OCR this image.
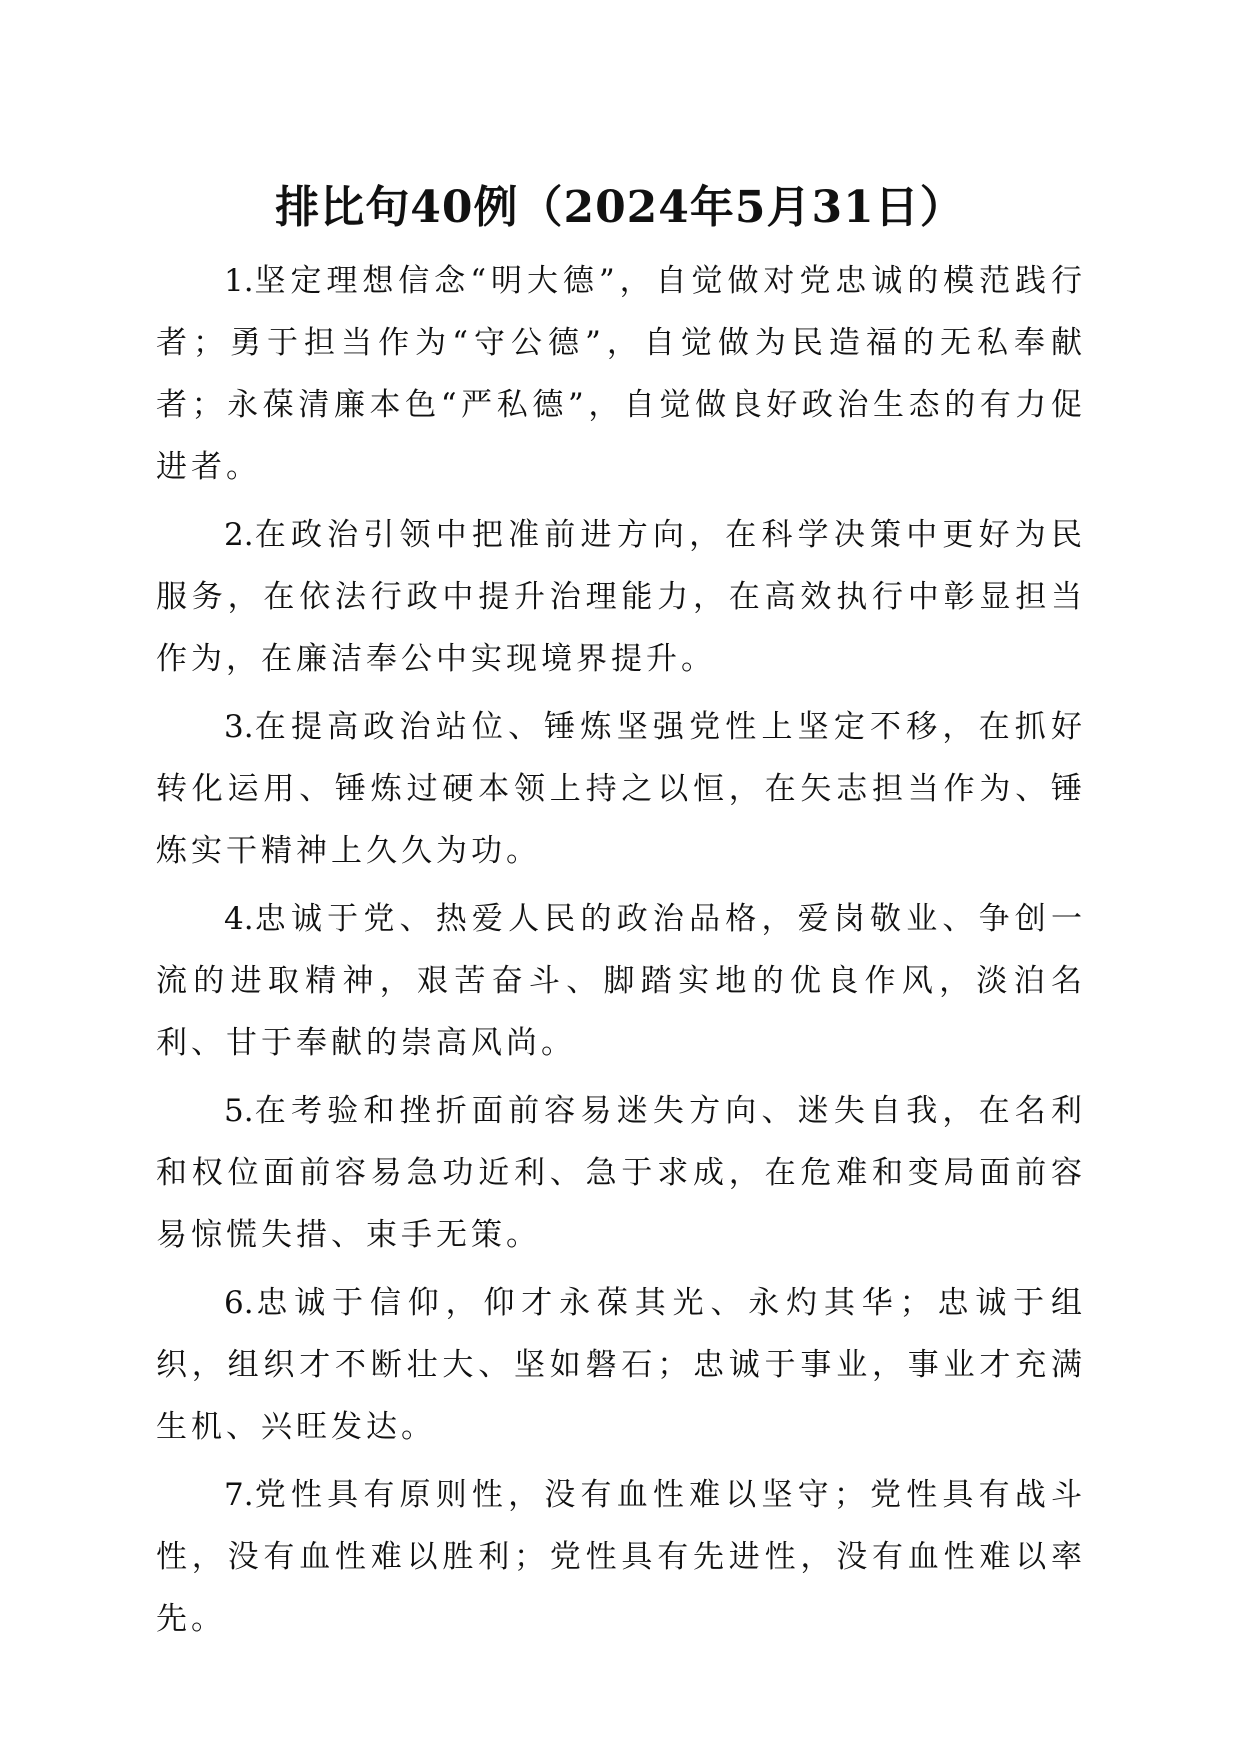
排比句40例（2024年5月31日）

1.坚定理想信念“明大德”，自觉做对党忠诚的模范践行者；勇于担当作为“守公德”，自觉做为民造福的无私奉献者；永葆清廉本色“严私德”，自觉做良好政治生态的有力促进者。

2.在政治引领中把准前进方向，在科学决策中更好为民服务，在依法行政中提升治理能力，在高效执行中彰显担当作为，在廉洁奉公中实现境界提升。

3.在提高政治站位、锤炼坚强党性上坚定不移，在抓好转化运用、锤炼过硬本领上持之以恒，在矢志担当作为、锤炼实干精神上久久为功。

4.忠诚于党、热爱人民的政治品格，爱岗敬业、争创一流的进取精神，艰苦奋斗、脚踏实地的优良作风，淡泊名利、甘于奉献的崇高风尚。

5.在考验和挫折面前容易迷失方向、迷失自我，在名利和权位面前容易急功近利、急于求成，在危难和变局面前容易惊慌失措、束手无策。

6.忠诚于信仰，仰才永葆其光、永灼其华；忠诚于组织，组织才不断壮大、坚如磐石；忠诚于事业，事业才充满生机、兴旺发达。

7.党性具有原则性，没有血性难以坚守；党性具有战斗性，没有血性难以胜利；党性具有先进性，没有血性难以率先。
